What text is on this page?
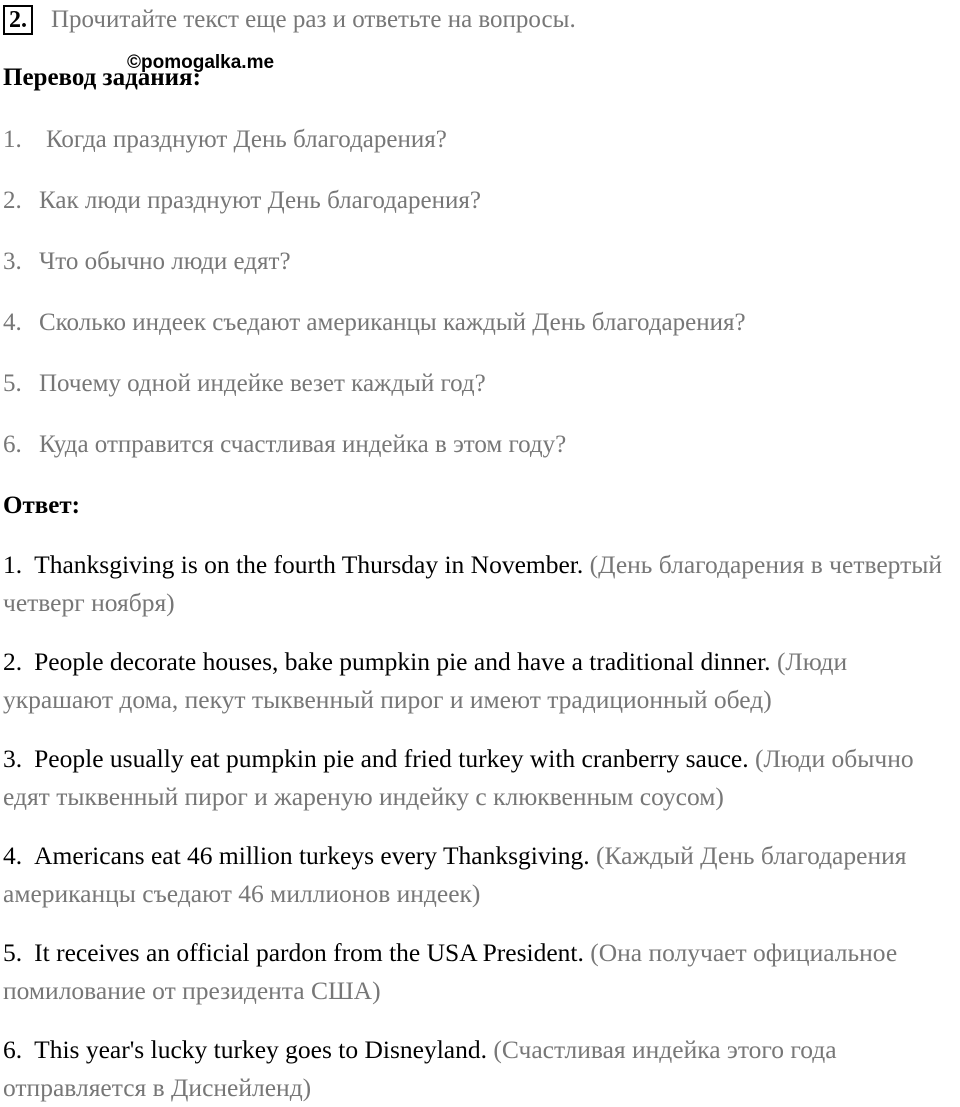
2. Прочитайте текст еще раз и ответьте на вопросы.
©pomogalka.me
Перевод задания:
1. Когда празднуют День благодарения?
2. Как люди празднуют День благодарения?
3. Что обычно люди едят?
4. Сколько индеек съедают американцы каждый День благодарения?
5. Почему одной индейке везет каждый год?
6. Куда отправится счастливая индейка в этом году?
Ответ:
1. Thanksgiving is on the fourth Thursday in November. (День благодарения в четвертый четверг ноября)
2. People decorate houses, bake pumpkin pie and have a traditional dinner. (Люди украшают дома, пекут тыквенный пирог и имеют традиционный обед)
3. People usually eat pumpkin pie and fried turkey with cranberry sauce. (Люди обычно едят тыквенный пирог и жареную индейку с клюквенным соусом)
4. Americans eat 46 million turkeys every Thanksgiving. (Каждый День благодарения американцы съедают 46 миллионов индеек)
5. It receives an official pardon from the USA President. (Она получает официальное помилование от президента США)
6. This year's lucky turkey goes to Disneyland. (Счастливая индейка этого года отправляется в Диснейленд)
